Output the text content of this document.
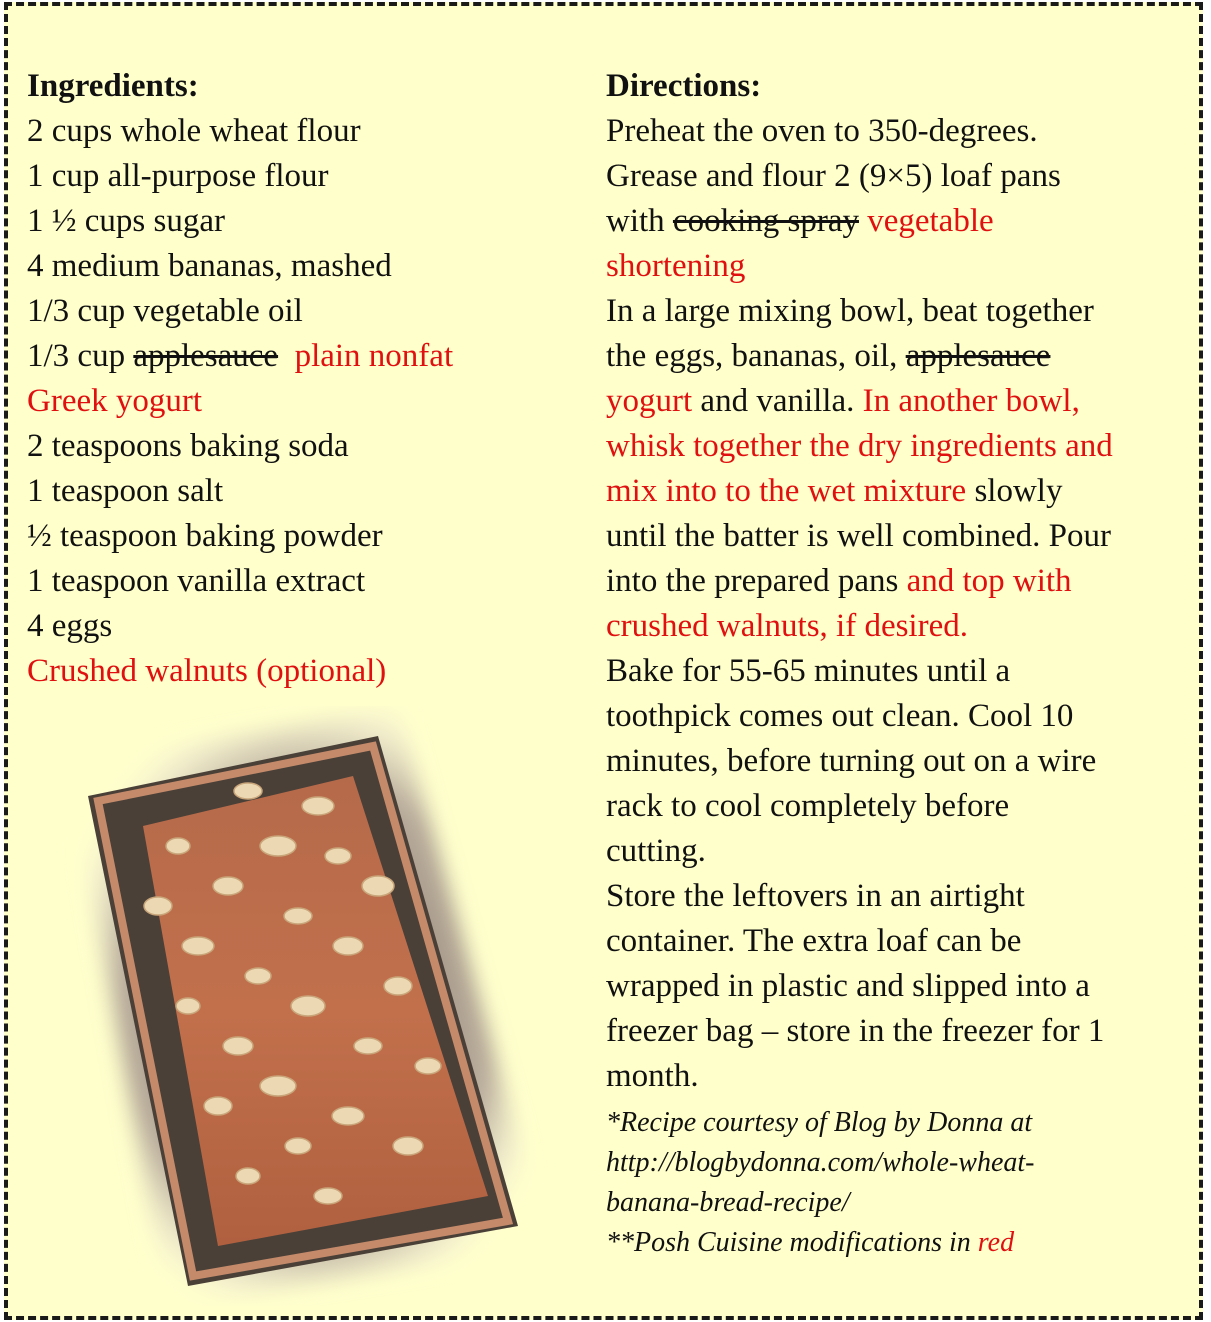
Ingredients:
2 cups whole wheat flour
1 cup all-purpose flour
1 ½ cups sugar
4 medium bananas, mashed
1/3 cup vegetable oil
1/3 cup applesauce plain nonfat
Greek yogurt
2 teaspoons baking soda
1 teaspoon salt
½ teaspoon baking powder
1 teaspoon vanilla extract
4 eggs
Crushed walnuts (optional)
Directions:
Preheat the oven to 350-degrees.
Grease and flour 2 (9×5) loaf pans
with cooking spray vegetable
shortening
In a large mixing bowl, beat together
the eggs, bananas, oil, applesauce
yogurt and vanilla. In another bowl,
whisk together the dry ingredients and
mix into to the wet mixture slowly
until the batter is well combined. Pour
into the prepared pans and top with
crushed walnuts, if desired.
Bake for 55-65 minutes until a
toothpick comes out clean. Cool 10
minutes, before turning out on a wire
rack to cool completely before
cutting.
Store the leftovers in an airtight
container. The extra loaf can be
wrapped in plastic and slipped into a
freezer bag – store in the freezer for 1
month.
*Recipe courtesy of Blog by Donna at
http://blogbydonna.com/whole-wheat-
banana-bread-recipe/
**Posh Cuisine modifications in red
